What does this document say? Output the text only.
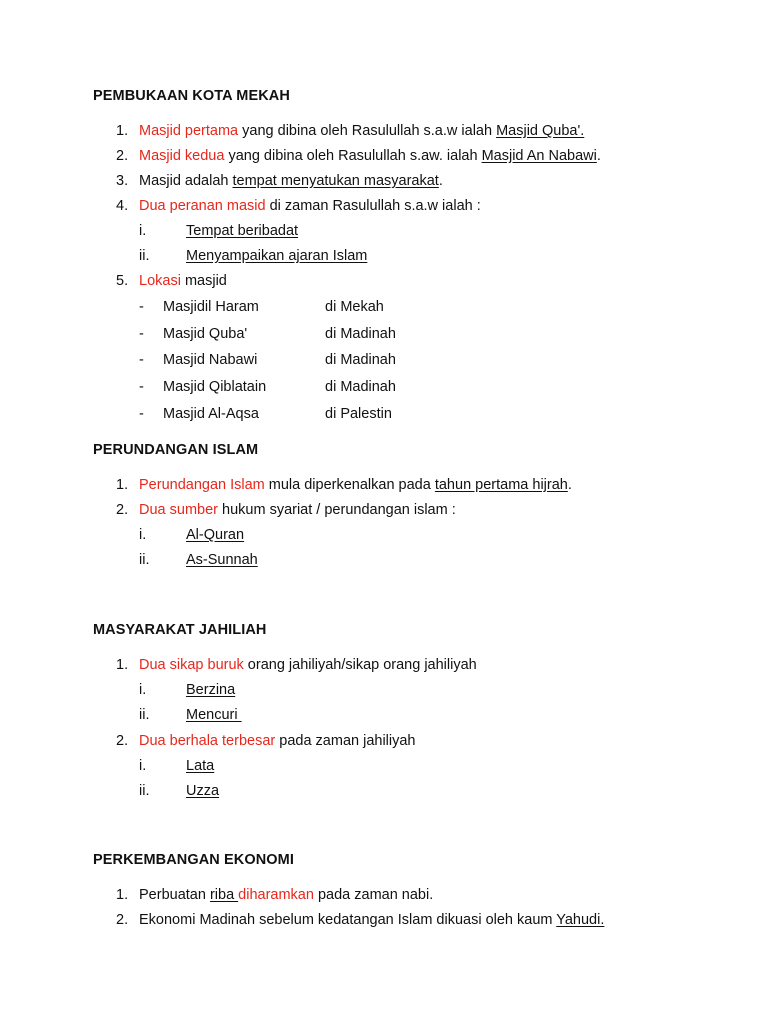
PEMBUKAAN KOTA MEKAH
1. Masjid pertama yang dibina oleh Rasulullah s.a.w ialah Masjid Quba'.
2. Masjid kedua yang dibina oleh Rasulullah s.aw. ialah Masjid An Nabawi.
3. Masjid adalah tempat menyatukan masyarakat.
4. Dua peranan masid di zaman Rasulullah s.a.w ialah :
i.	Tempat beribadat
ii.	Menyampaikan ajaran Islam
5. Lokasi masjid
- Masjidil Haram	di Mekah
- Masjid Quba'	di Madinah
- Masjid Nabawi	di Madinah
- Masjid Qiblatain	di Madinah
- Masjid Al-Aqsa	di Palestin
PERUNDANGAN ISLAM
1. Perundangan Islam mula diperkenalkan pada tahun pertama hijrah.
2. Dua sumber hukum syariat / perundangan islam :
i.	Al-Quran
ii.	As-Sunnah
MASYARAKAT JAHILIAH
1. Dua sikap buruk orang jahiliyah/sikap orang jahiliyah
i.	Berzina
ii.	Mencuri
2. Dua berhala terbesar pada zaman jahiliyah
i.	Lata
ii.	Uzza
PERKEMBANGAN EKONOMI
1. Perbuatan riba diharamkan pada zaman nabi.
2. Ekonomi Madinah sebelum kedatangan Islam dikuasi oleh kaum Yahudi.
